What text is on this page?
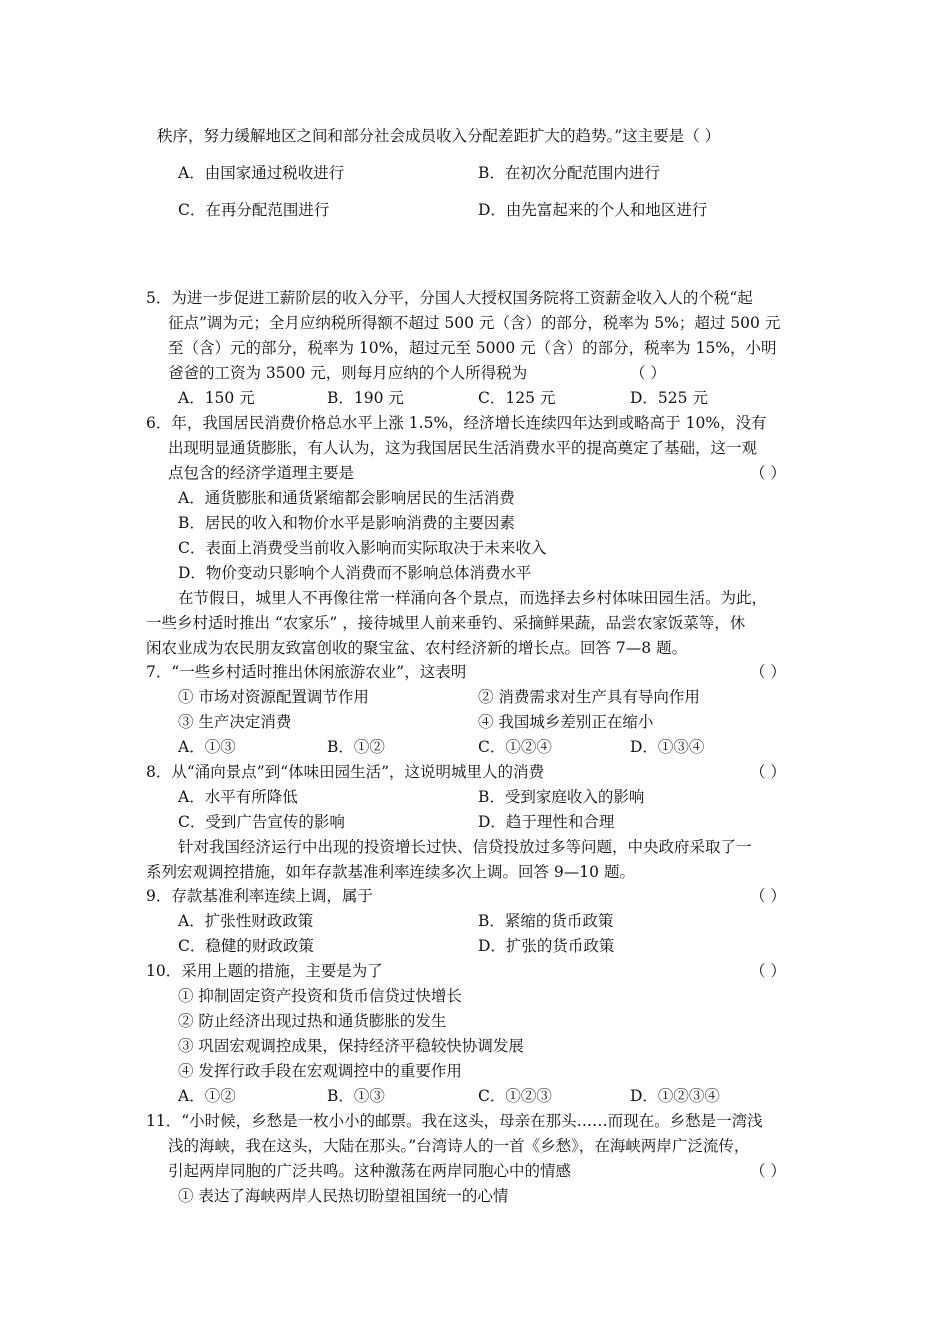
秩序，努力缓解地区之间和部分社会成员收入分配差距扩大的趋势。”这主要是（ ）
A．由国家通过税收进行	B．在初次分配范围内进行
C．在再分配范围进行	D．由先富起来的个人和地区进行
5．为进一步促进工薪阶层的收入分平，分国人大授权国务院将工资薪金收入人的个税“起
征点”调为元；全月应纳税所得额不超过 500 元（含）的部分，税率为 5%；超过 500 元
至（含）元的部分，税率为 10%，超过元至 5000 元（含）的部分，税率为 15%，小明
爸爸的工资为 3500 元，则每月应纳的个人所得税为	（ ）
A．150 元	B．190 元	C．125 元	D．525 元
6．年，我国居民消费价格总水平上涨 1.5%，经济增长连续四年达到或略高于 10%，没有
出现明显通货膨胀，有人认为，这为我国居民生活消费水平的提高奠定了基础，这一观
点包含的经济学道理主要是	（ ）
A．通货膨胀和通货紧缩都会影响居民的生活消费
B．居民的收入和物价水平是影响消费的主要因素
C．表面上消费受当前收入影响而实际取决于未来收入
D．物价变动只影响个人消费而不影响总体消费水平
在节假日，城里人不再像往常一样涌向各个景点，而选择去乡村体味田园生活。为此，
一些乡村适时推出 “农家乐” ，接待城里人前来垂钓、采摘鲜果蔬，品尝农家饭菜等，休
闲农业成为农民朋友致富创收的聚宝盆、农村经济新的增长点。回答 7—8 题。
7．“一些乡村适时推出休闲旅游农业”，这表明	（ ）
① 市场对资源配置调节作用	② 消费需求对生产具有导向作用
③ 生产决定消费	④ 我国城乡差别正在缩小
A．①③	B．①②	C．①②④	D．①③④
8．从“涌向景点”到“体味田园生活”，这说明城里人的消费	（ ）
A．水平有所降低	B．受到家庭收入的影响
C．受到广告宣传的影响	D．趋于理性和合理
针对我国经济运行中出现的投资增长过快、信贷投放过多等问题，中央政府采取了一
系列宏观调控措施，如年存款基准利率连续多次上调。回答 9—10 题。
9．存款基准利率连续上调，属于	（ ）
A．扩张性财政政策	B．紧缩的货币政策
C．稳健的财政政策	D．扩张的货币政策
10．采用上题的措施，主要是为了	（ ）
① 抑制固定资产投资和货币信贷过快增长
② 防止经济出现过热和通货膨胀的发生
③ 巩固宏观调控成果，保持经济平稳较快协调发展
④ 发挥行政手段在宏观调控中的重要作用
A．①②	B．①③	C．①②③	D．①②③④
11．“小时候，乡愁是一枚小小的邮票。我在这头，母亲在那头……而现在。乡愁是一湾浅
浅的海峡，我在这头，大陆在那头。”台湾诗人的一首《乡愁》，在海峡两岸广泛流传，
引起两岸同胞的广泛共鸣。这种激荡在两岸同胞心中的情感	（ ）
① 表达了海峡两岸人民热切盼望祖国统一的心情
